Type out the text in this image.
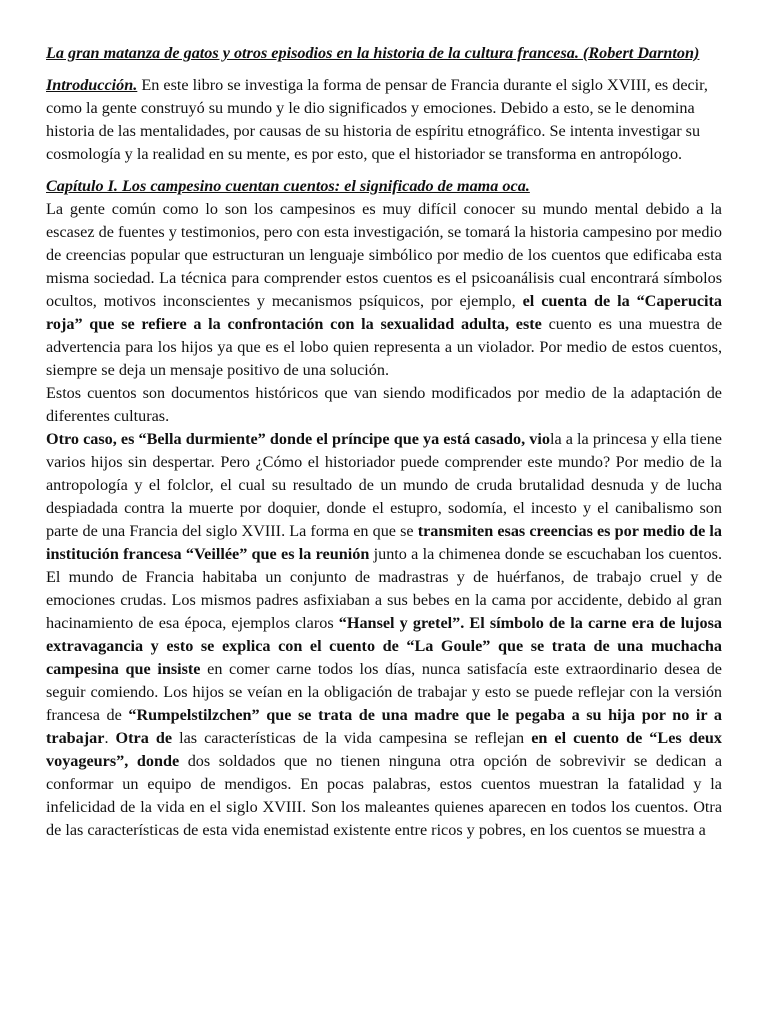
La gran matanza de gatos y otros episodios en la historia de la cultura francesa. (Robert Darnton)

Introducción. En este libro se investiga la forma de pensar de Francia durante el siglo XVIII, es decir, como la gente construyó su mundo y le dio significados y emociones. Debido a esto, se le denomina historia de las mentalidades, por causas de su historia de espíritu etnográfico. Se intenta investigar su cosmología y la realidad en su mente, es por esto, que el historiador se transforma en antropólogo.

Capítulo I. Los campesino cuentan cuentos: el significado de mama oca.

La gente común como lo son los campesinos es muy difícil conocer su mundo mental debido a la escasez de fuentes y testimonios, pero con esta investigación, se tomará la historia campesino por medio de creencias popular que estructuran un lenguaje simbólico por medio de los cuentos que edificaba esta misma sociedad. La técnica para comprender estos cuentos es el psicoanálisis cual encontrará símbolos ocultos, motivos inconscientes y mecanismos psíquicos, por ejemplo, el cuenta de la “Caperucita roja” que se refiere a la confrontación con la sexualidad adulta, este cuento es una muestra de advertencia para los hijos ya que es el lobo quien representa a un violador. Por medio de estos cuentos, siempre se deja un mensaje positivo de una solución.

Estos cuentos son documentos históricos que van siendo modificados por medio de la adaptación de diferentes culturas.

Otro caso, es “Bella durmiente” donde el príncipe que ya está casado, viola a la princesa y ella tiene varios hijos sin despertar. Pero ¿Cómo el historiador puede comprender este mundo? Por medio de la antropología y el folclor, el cual su resultado de un mundo de cruda brutalidad desnuda y de lucha despiadada contra la muerte por doquier, donde el estupro, sodomía, el incesto y el canibalismo son parte de una Francia del siglo XVIII. La forma en que se transmiten esas creencias es por medio de la institución francesa “Veillée” que es la reunión junto a la chimenea donde se escuchaban los cuentos. El mundo de Francia habitaba un conjunto de madrastras y de huérfanos, de trabajo cruel y de emociones crudas. Los mismos padres asfixiaban a sus bebes en la cama por accidente, debido al gran hacinamiento de esa época, ejemplos claros “Hansel y gretel”. El símbolo de la carne era de lujosa extravagancia y esto se explica con el cuento de “La Goule” que se trata de una muchacha campesina que insiste en comer carne todos los días, nunca satisfacía este extraordinario desea de seguir comiendo. Los hijos se veían en la obligación de trabajar y esto se puede reflejar con la versión francesa de “Rumpelstilzchen” que se trata de una madre que le pegaba a su hija por no ir a trabajar. Otra de las características de la vida campesina se reflejan en el cuento de “Les deux voyageurs”, donde dos soldados que no tienen ninguna otra opción de sobrevivir se dedican a conformar un equipo de mendigos. En pocas palabras, estos cuentos muestran la fatalidad y la infelicidad de la vida en el siglo XVIII. Son los maleantes quienes aparecen en todos los cuentos. Otra de las características de esta vida enemistad existente entre ricos y pobres, en los cuentos se muestra a
